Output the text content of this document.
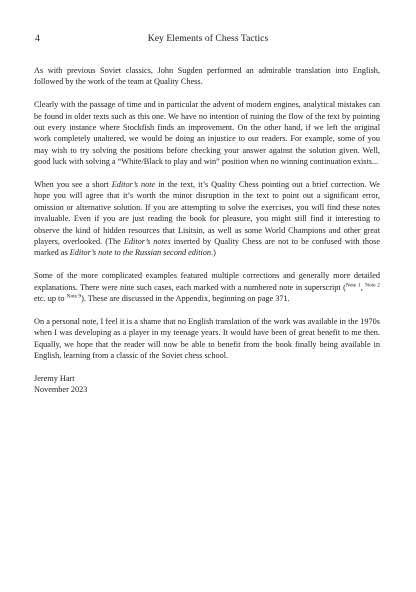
4	Key Elements of Chess Tactics

As with previous Soviet classics, John Sugden performed an admirable translation into English, followed by the work of the team at Quality Chess.

Clearly with the passage of time and in particular the advent of modern engines, analytical mistakes can be found in older texts such as this one. We have no intention of ruining the flow of the text by pointing out every instance where Stockfish finds an improvement. On the other hand, if we left the original work completely unaltered, we would be doing an injustice to our readers. For example, some of you may wish to try solving the positions before checking your answer against the solution given. Well, good luck with solving a “White/Black to play and win” position when no winning continuation exists...

When you see a short Editor’s note in the text, it’s Quality Chess pointing out a brief correction. We hope you will agree that it’s worth the minor disruption in the text to point out a significant error, omission or alternative solution. If you are attempting to solve the exercises, you will find these notes invaluable. Even if you are just reading the book for pleasure, you might still find it interesting to observe the kind of hidden resources that Lisitsin, as well as some World Champions and other great players, overlooked. (The Editor’s notes inserted by Quality Chess are not to be confused with those marked as Editor’s note to the Russian second edition.)

Some of the more complicated examples featured multiple corrections and generally more detailed explanations. There were nine such cases, each marked with a numbered note in superscript ($^{Note 1}$, $^{Note 2}$ etc. up to $^{Note 9}$). These are discussed in the Appendix, beginning on page 371.

On a personal note, I feel it is a shame that no English translation of the work was available in the 1970s when I was developing as a player in my teenage years. It would have been of great benefit to me then. Equally, we hope that the reader will now be able to benefit from the book finally being available in English, learning from a classic of the Soviet chess school.

Jeremy Hart
November 2023
